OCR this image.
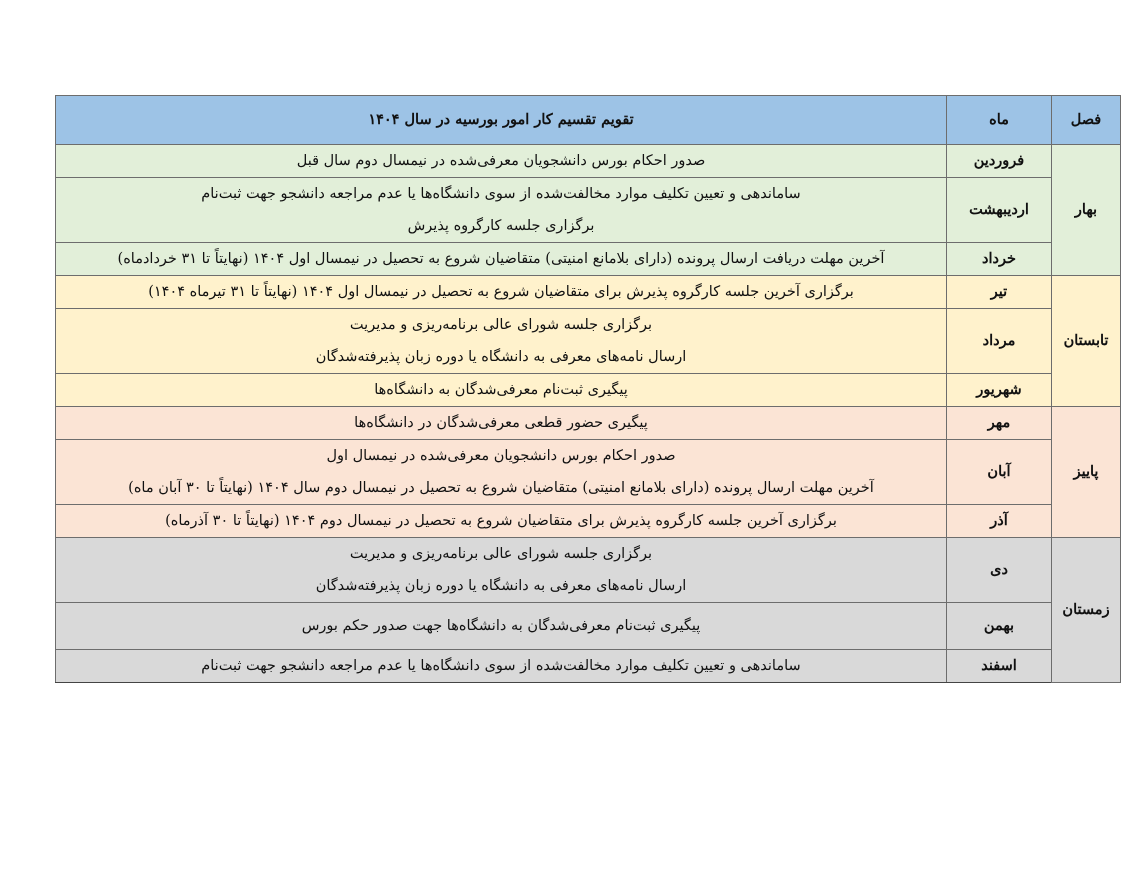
فصل	ماه	تقویم تقسیم کار امور بورسیه در سال ۱۴۰۴
بهار	فروردین	صدور احکام بورس دانشجویان معرفی‌شده در نیمسال دوم سال قبل

	اردیبهشت	ساماندهی و تعیین تکلیف موارد مخالفت‌شده از سوی دانشگاه‌ها یا عدم مراجعه دانشجو جهت ثبت‌نام
برگزاری جلسه کارگروه پذیرش

	خرداد	آخرین مهلت دریافت ارسال پرونده (دارای بلامانع امنیتی) متقاضیان شروع به تحصیل در نیمسال اول ۱۴۰۴ (نهایتاً تا ۳۱ خردادماه)

تابستان	تیر	برگزاری آخرین جلسه کارگروه پذیرش برای متقاضیان شروع به تحصیل در نیمسال اول ۱۴۰۴ (نهایتاً تا ۳۱ تیرماه ۱۴۰۴)

	مرداد	برگزاری جلسه شورای عالی برنامه‌ریزی و مدیریت
ارسال نامه‌های معرفی به دانشگاه یا دوره زبان پذیرفته‌شدگان

	شهریور	پیگیری ثبت‌نام معرفی‌شدگان به دانشگاه‌ها

پاییز	مهر	پیگیری حضور قطعی معرفی‌شدگان در دانشگاه‌ها

	آبان	صدور احکام بورس دانشجویان معرفی‌شده در نیمسال اول
آخرین مهلت ارسال پرونده (دارای بلامانع امنیتی) متقاضیان شروع به تحصیل در نیمسال دوم سال ۱۴۰۴ (نهایتاً تا ۳۰ آبان ماه)

	آذر	برگزاری آخرین جلسه کارگروه پذیرش برای متقاضیان شروع به تحصیل در نیمسال دوم ۱۴۰۴ (نهایتاً تا ۳۰ آذرماه)

زمستان	دی	برگزاری جلسه شورای عالی برنامه‌ریزی و مدیریت
ارسال نامه‌های معرفی به دانشگاه یا دوره زبان پذیرفته‌شدگان

	بهمن	پیگیری ثبت‌نام معرفی‌شدگان به دانشگاه‌ها جهت صدور حکم بورس

	اسفند	ساماندهی و تعیین تکلیف موارد مخالفت‌شده از سوی دانشگاه‌ها یا عدم مراجعه دانشجو جهت ثبت‌نام
